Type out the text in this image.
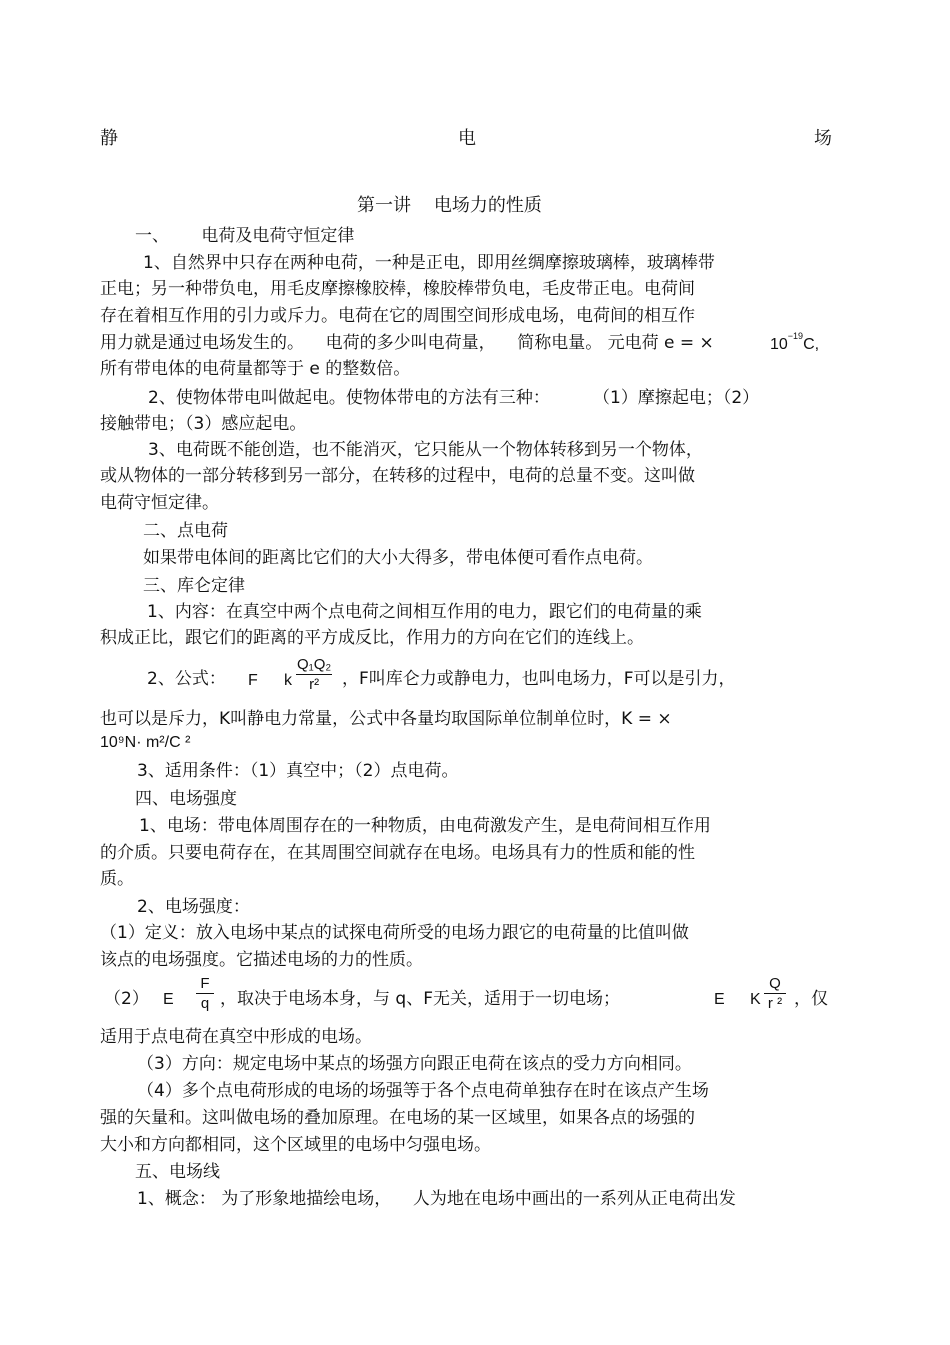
静	电	场
第一讲    电场力的性质
一、      电荷及电荷守恒定律
1、自然界中只存在两种电荷，一种是正电，即用丝绸摩擦玻璃棒，玻璃棒带
正电；另一种带负电，用毛皮摩擦橡胶棒，橡胶棒带负电，毛皮带正电。电荷间
存在着相互作用的引力或斥力。电荷在它的周围空间形成电场，电荷间的相互作
用力就是通过电场发生的。    电荷的多少叫电荷量，    简称电量。 元电荷 e = ×	$10^{-19}C$,
所有带电体的电荷量都等于 e 的整数倍。
2、使物体带电叫做起电。使物体带电的方法有三种：        （1）摩擦起电；（2）
接触带电；（3）感应起电。
3、电荷既不能创造，也不能消灭，它只能从一个物体转移到另一个物体，
或从物体的一部分转移到另一部分，在转移的过程中，电荷的总量不变。这叫做
电荷守恒定律。
二、点电荷
如果带电体间的距离比它们的大小大得多，带电体便可看作点电荷。
三、库仑定律
1、内容：在真空中两个点电荷之间相互作用的电力，跟它们的电荷量的乘
积成正比，跟它们的距离的平方成反比，作用力的方向在它们的连线上。
2、公式： F k
Q₁Q₂
r²	，F叫库仑力或静电力，也叫电场力，F可以是引力，
也可以是斥力，K叫静电力常量，公式中各量均取国际单位制单位时，K = ×
10⁹N· m²/C ²
3、适用条件：（1）真空中；（2）点电荷。
四、电场强度
1、电场：带电体周围存在的一种物质，由电荷激发产生，是电荷间相互作用
的介质。只要电荷存在，在其周围空间就存在电场。电场具有力的性质和能的性
质。
2、电场强度：
（1）定义：放入电场中某点的试探电荷所受的电场力跟它的电荷量的比值叫做
该点的电场强度。它描述电场的力的性质。
（2） E
F
q ，取决于电场本身，与 q、F无关，适用于一切电场；	E K
Q
r ² ，仅
适用于点电荷在真空中形成的电场。
（3）方向：规定电场中某点的场强方向跟正电荷在该点的受力方向相同。
（4）多个点电荷形成的电场的场强等于各个点电荷单独存在时在该点产生场
强的矢量和。这叫做电场的叠加原理。在电场的某一区域里，如果各点的场强的
大小和方向都相同，这个区域里的电场中匀强电场。
五、电场线
1、概念： 为了形象地描绘电场，    人为地在电场中画出的一系列从正电荷出发
